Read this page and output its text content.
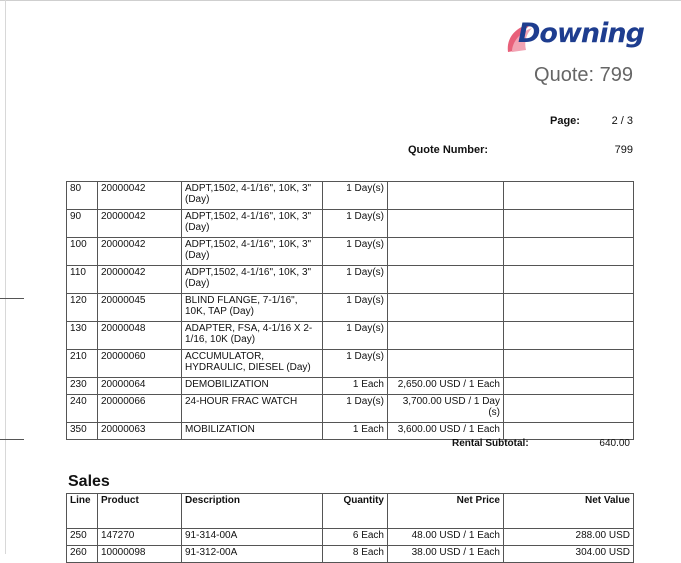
Downing
Quote: 799
Page:	2 / 3
Quote Number:	799
80	20000042	ADPT,1502, 4-1/16", 10K, 3" (Day)	1 Day(s)		
90	20000042	ADPT,1502, 4-1/16", 10K, 3" (Day)	1 Day(s)		
100	20000042	ADPT,1502, 4-1/16", 10K, 3" (Day)	1 Day(s)		
110	20000042	ADPT,1502, 4-1/16", 10K, 3" (Day)	1 Day(s)		
120	20000045	BLIND FLANGE, 7-1/16", 10K, TAP (Day)	1 Day(s)		
130	20000048	ADAPTER, FSA, 4-1/16 X 2-1/16, 10K (Day)	1 Day(s)		
210	20000060	ACCUMULATOR, HYDRAULIC, DIESEL (Day)	1 Day(s)		
230	20000064	DEMOBILIZATION	1 Each	2,650.00 USD / 1 Each	
240	20000066	24-HOUR FRAC WATCH	1 Day(s)	3,700.00 USD / 1 Day (s)	
350	20000063	MOBILIZATION	1 Each	3,600.00 USD / 1 Each	
Rental Subtotal:	640.00
Sales
Line	Product	Description	Quantity	Net Price	Net Value
250	147270	91-314-00A	6 Each	48.00 USD / 1 Each	288.00 USD
260	10000098	91-312-00A	8 Each	38.00 USD / 1 Each	304.00 USD
